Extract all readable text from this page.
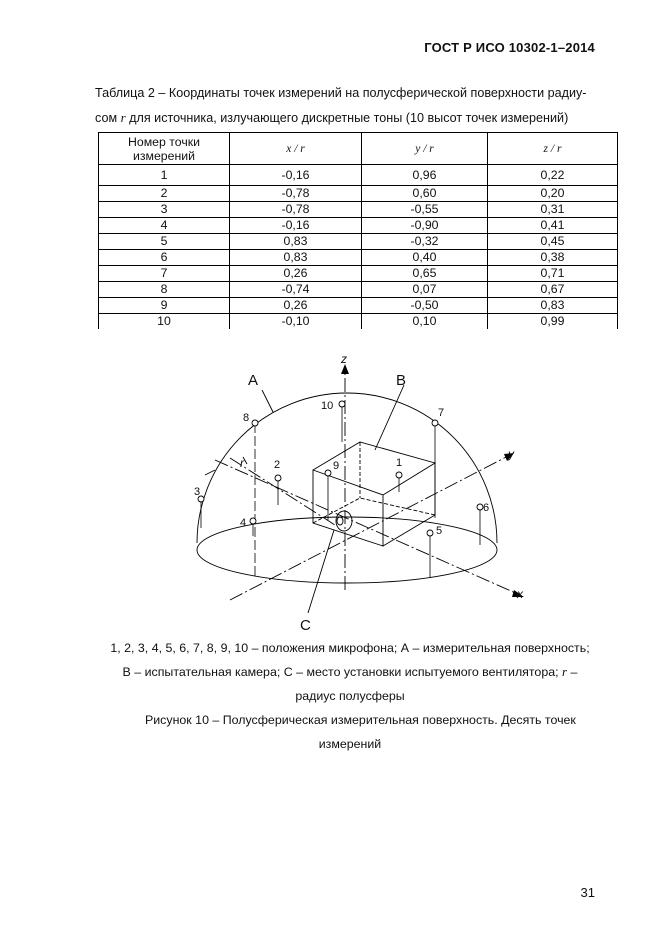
ГОСТ Р ИСО 10302-1–2014
Таблица 2 – Координаты точек измерений на полусферической поверхности радиу-
сом r для источника, излучающего дискретные тоны (10 высот точек измерений)
Номер точки измерений	x / r	y / r	z / r
1	-0,16	0,96	0,22
2	-0,78	0,60	0,20
3	-0,78	-0,55	0,31
4	-0,16	-0,90	0,41
5	0,83	-0,32	0,45
6	0,83	0,40	0,38
7	0,26	0,65	0,71
8	-0,74	0,07	0,67
9	0,26	-0,50	0,83
10	-0,10	0,10	0,99
A	B
C
z
y
x
r	1
2
3
4
5
6
7
8
9
10
1, 2, 3, 4, 5, 6, 7, 8, 9, 10 – положения микрофона; А – измерительная поверхность;
В – испытательная камера; С – место установки испытуемого вентилятора; r –
радиус полусферы
Рисунок 10 – Полусферическая измерительная поверхность. Десять точек
измерений
31
